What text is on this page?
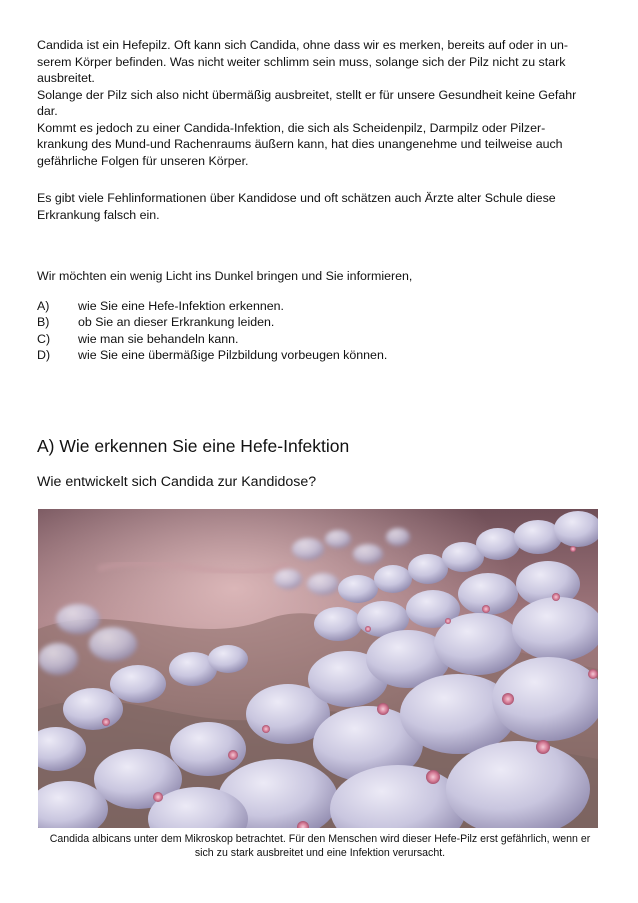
Candida ist ein Hefepilz. Oft kann sich Candida, ohne dass wir es merken, bereits auf oder in un-
serem Körper befinden. Was nicht weiter schlimm sein muss, solange sich der Pilz nicht zu stark
ausbreitet.
Solange der Pilz sich also nicht übermäßig ausbreitet, stellt er für unsere Gesundheit keine Gefahr
dar.
Kommt es jedoch zu einer Candida-Infektion, die sich als Scheidenpilz, Darmpilz oder Pilzer-
krankung des Mund-und Rachenraums äußern kann, hat dies unangenehme und teilweise auch
gefährliche Folgen für unseren Körper.
Es gibt viele Fehlinformationen über Kandidose und oft schätzen auch Ärzte alter Schule diese
Erkrankung falsch ein.

Wir möchten ein wenig Licht ins Dunkel bringen und Sie informieren,

A)	wie Sie eine Hefe-Infektion erkennen.
B)	ob Sie an dieser Erkrankung leiden.
C)	wie man sie behandeln kann.
D)	wie Sie eine übermäßige Pilzbildung vorbeugen können.
A) Wie erkennen Sie eine Hefe-Infektion
Wie entwickelt sich Candida zur Kandidose?
Candida albicans unter dem Mikroskop betrachtet. Für den Menschen wird dieser Hefe-Pilz erst gefährlich, wenn er
sich zu stark ausbreitet und eine Infektion verursacht.
